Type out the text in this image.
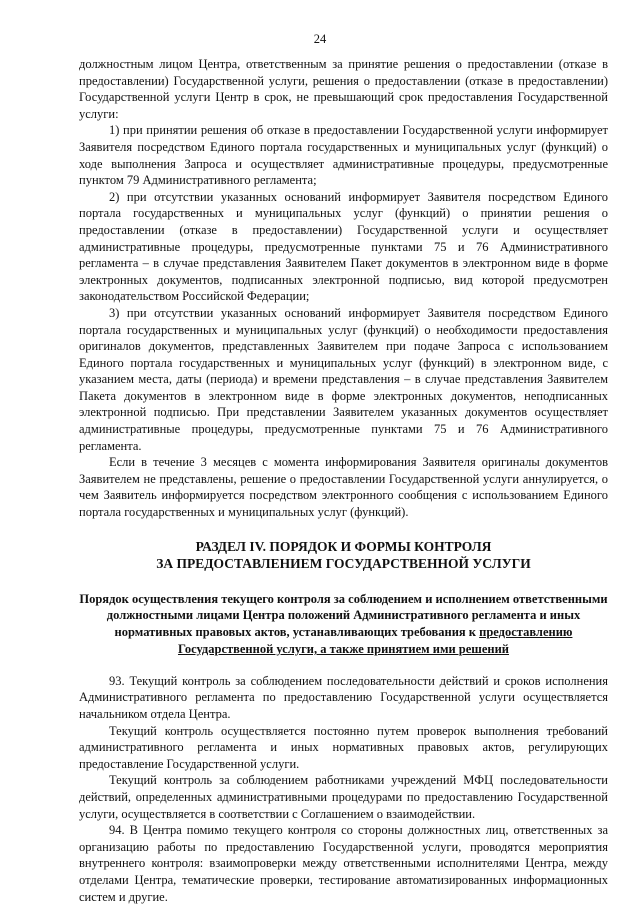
24

должностным лицом Центра, ответственным за принятие решения о предоставлении (отказе в предоставлении) Государственной услуги, решения о предоставлении (отказе в предоставлении) Государственной услуги Центр в срок, не превышающий срок предоставления Государственной услуги:

1) при принятии решения об отказе в предоставлении Государственной услуги информирует Заявителя посредством Единого портала государственных и муниципальных услуг (функций) о ходе выполнения Запроса и осуществляет административные процедуры, предусмотренные пунктом 79 Административного регламента;

2) при отсутствии указанных оснований информирует Заявителя посредством Единого портала государственных и муниципальных услуг (функций) о принятии решения о предоставлении (отказе в предоставлении) Государственной услуги и осуществляет административные процедуры, предусмотренные пунктами 75 и 76 Административного регламента – в случае представления Заявителем Пакет документов в электронном виде в форме электронных документов, подписанных электронной подписью, вид которой предусмотрен законодательством Российской Федерации;

3) при отсутствии указанных оснований информирует Заявителя посредством Единого портала государственных и муниципальных услуг (функций) о необходимости предоставления оригиналов документов, представленных Заявителем при подаче Запроса с использованием Единого портала государственных и муниципальных услуг (функций) в электронном виде, с указанием места, даты (периода) и времени представления – в случае представления Заявителем Пакета документов в электронном виде в форме электронных документов, неподписанных электронной подписью. При представлении Заявителем указанных документов осуществляет административные процедуры, предусмотренные пунктами 75 и 76 Административного регламента.

Если в течение 3 месяцев с момента информирования Заявителя оригиналы документов Заявителем не представлены, решение о предоставлении Государственной услуги аннулируется, о чем Заявитель информируется посредством электронного сообщения с использованием Единого портала государственных и муниципальных услуг (функций).

РАЗДЕЛ IV. ПОРЯДОК И ФОРМЫ КОНТРОЛЯ
ЗА ПРЕДОСТАВЛЕНИЕМ ГОСУДАРСТВЕННОЙ УСЛУГИ

Порядок осуществления текущего контроля за соблюдением и исполнением ответственными должностными лицами Центра положений Административного регламента и иных нормативных правовых актов, устанавливающих требования к предоставлению Государственной услуги, а также принятием ими решений

93. Текущий контроль за соблюдением последовательности действий и сроков исполнения Административного регламента по предоставлению Государственной услуги осуществляется начальником отдела Центра.

Текущий контроль осуществляется постоянно путем проверок выполнения требований административного регламента и иных нормативных правовых актов, регулирующих предоставление Государственной услуги.

Текущий контроль за соблюдением работниками учреждений МФЦ последовательности действий, определенных административными процедурами по предоставлению Государственной услуги, осуществляется в соответствии с Соглашением о взаимодействии.

94. В Центра помимо текущего контроля со стороны должностных лиц, ответственных за организацию работы по предоставлению Государственной услуги, проводятся мероприятия внутреннего контроля: взаимопроверки между ответственными исполнителями Центра, между отделами Центра, тематические проверки, тестирование автоматизированных информационных систем и другие.
